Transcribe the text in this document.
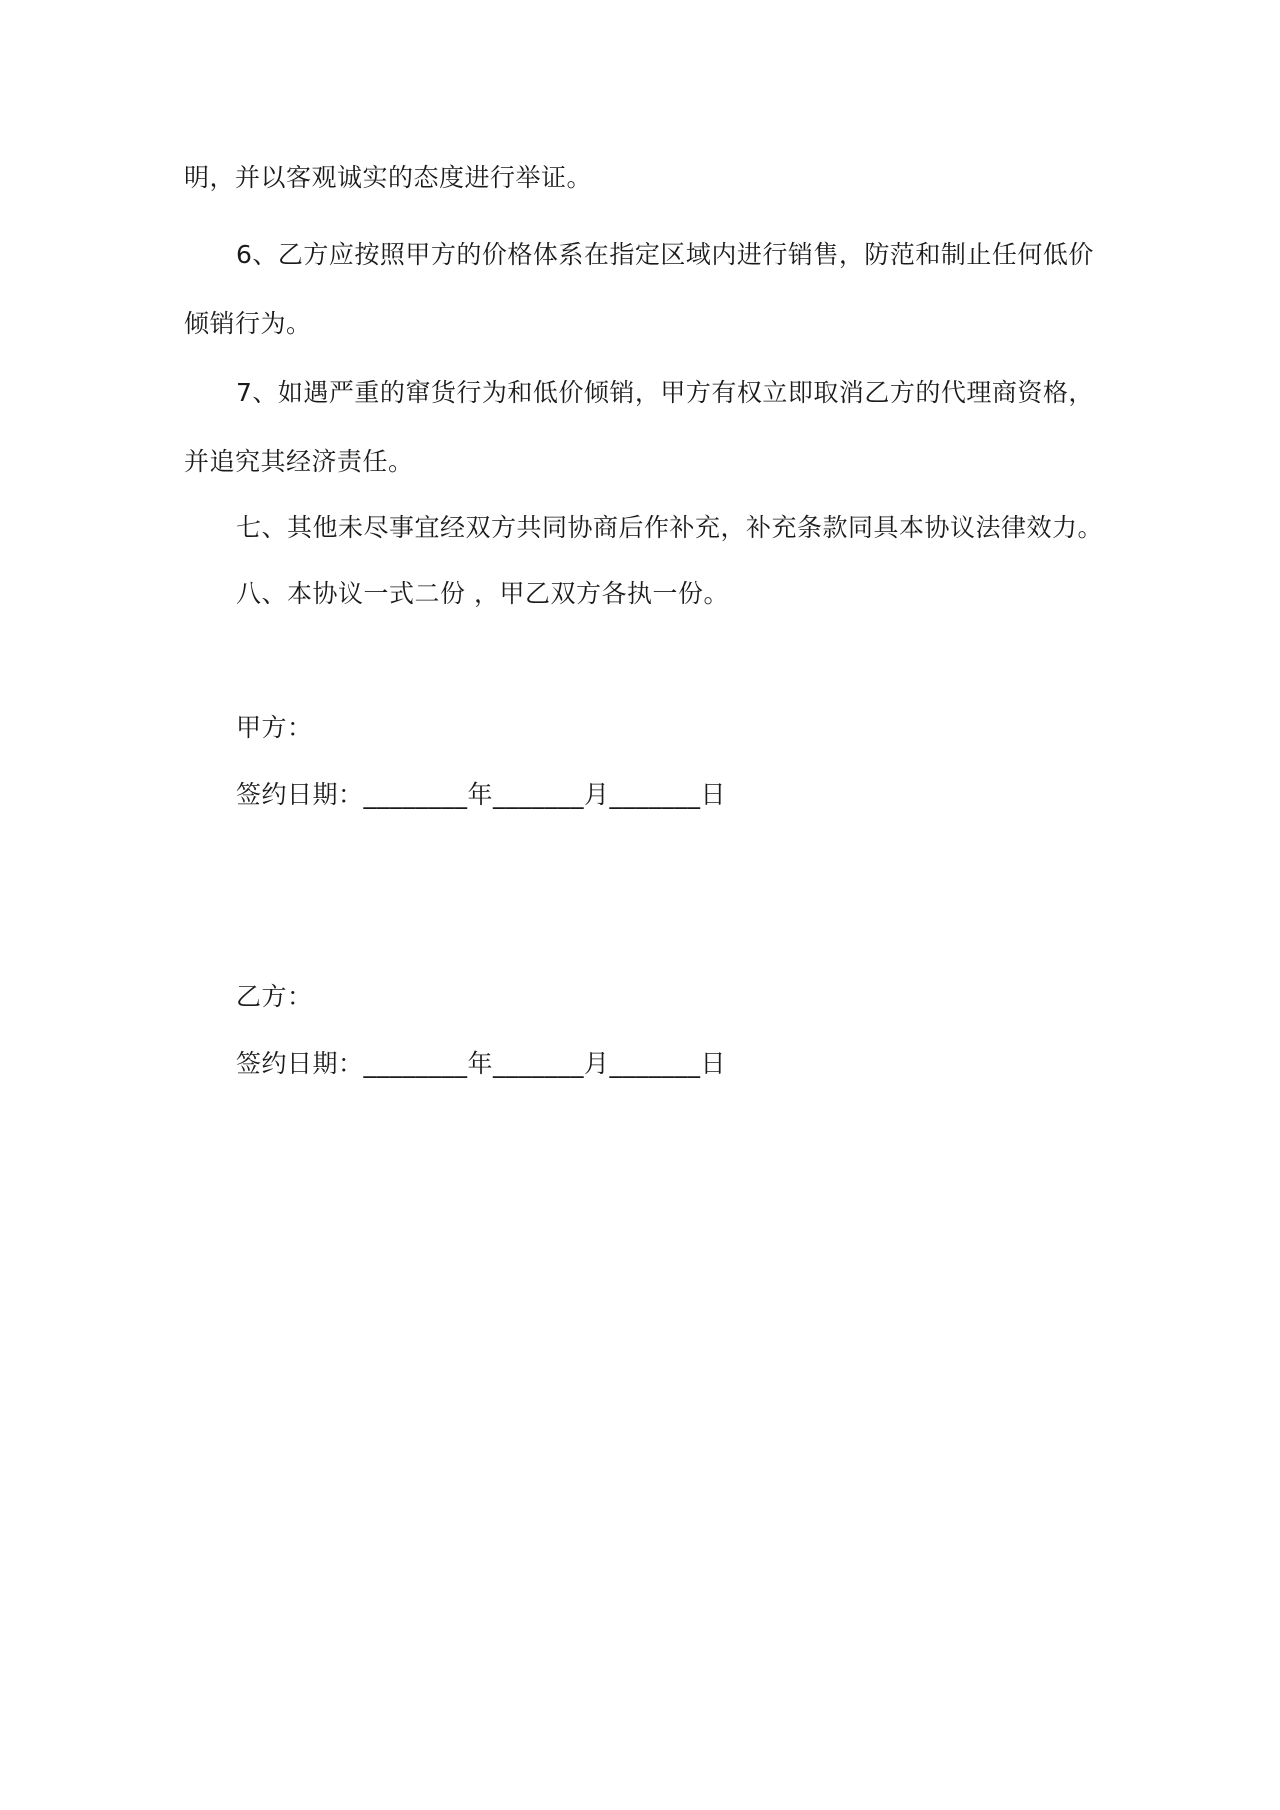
明，并以客观诚实的态度进行举证。
6、乙方应按照甲方的价格体系在指定区域内进行销售，防范和制止任何低价
倾销行为。
7、如遇严重的窜货行为和低价倾销，甲方有权立即取消乙方的代理商资格，
并追究其经济责任。
七、其他未尽事宜经双方共同协商后作补充，补充条款同具本协议法律效力。
八、本协议一式二份 ，甲乙双方各执一份。
甲方：
签约日期：________年_______月_______日
乙方：
签约日期：________年_______月_______日
